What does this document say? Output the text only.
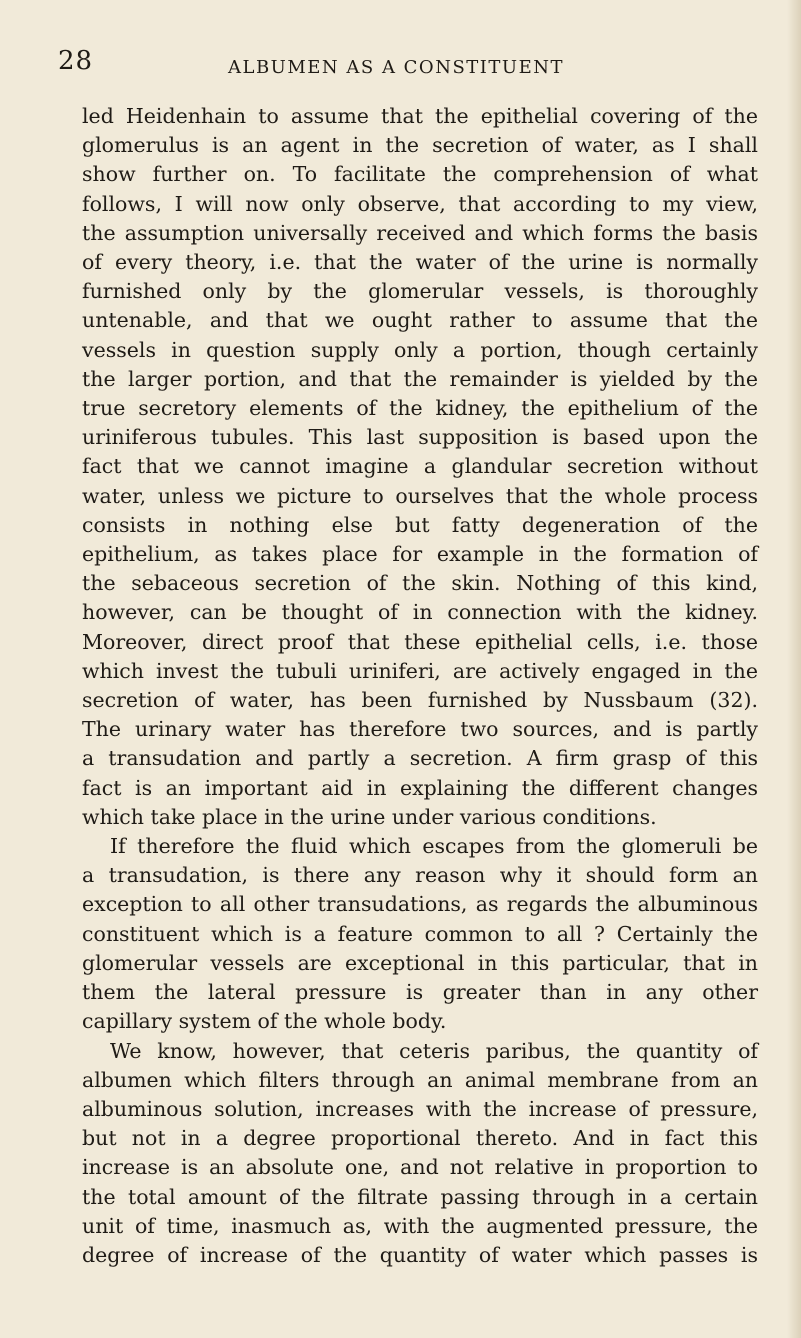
28	ALBUMEN AS A CONSTITUENT
led Heidenhain to assume that the epithelial covering of the
glomerulus is an agent in the secretion of water, as I shall
show further on. To facilitate the comprehension of what
follows, I will now only observe, that according to my view,
the assumption universally received and which forms the basis
of every theory, i.e. that the water of the urine is normally
furnished only by the glomerular vessels, is thoroughly
untenable, and that we ought rather to assume that the
vessels in question supply only a portion, though certainly
the larger portion, and that the remainder is yielded by the
true secretory elements of the kidney, the epithelium of the
uriniferous tubules. This last supposition is based upon the
fact that we cannot imagine a glandular secretion without
water, unless we picture to ourselves that the whole process
consists in nothing else but fatty degeneration of the
epithelium, as takes place for example in the formation of
the sebaceous secretion of the skin. Nothing of this kind,
however, can be thought of in connection with the kidney.
Moreover, direct proof that these epithelial cells, i.e. those
which invest the tubuli uriniferi, are actively engaged in the
secretion of water, has been furnished by Nussbaum (32).
The urinary water has therefore two sources, and is partly
a transudation and partly a secretion. A firm grasp of this
fact is an important aid in explaining the different changes
which take place in the urine under various conditions.
If therefore the fluid which escapes from the glomeruli be
a transudation, is there any reason why it should form an
exception to all other transudations, as regards the albuminous
constituent which is a feature common to all ? Certainly the
glomerular vessels are exceptional in this particular, that in
them the lateral pressure is greater than in any other
capillary system of the whole body.
We know, however, that ceteris paribus, the quantity of
albumen which filters through an animal membrane from an
albuminous solution, increases with the increase of pressure,
but not in a degree proportional thereto. And in fact this
increase is an absolute one, and not relative in proportion to
the total amount of the filtrate passing through in a certain
unit of time, inasmuch as, with the augmented pressure, the
degree of increase of the quantity of water which passes is
